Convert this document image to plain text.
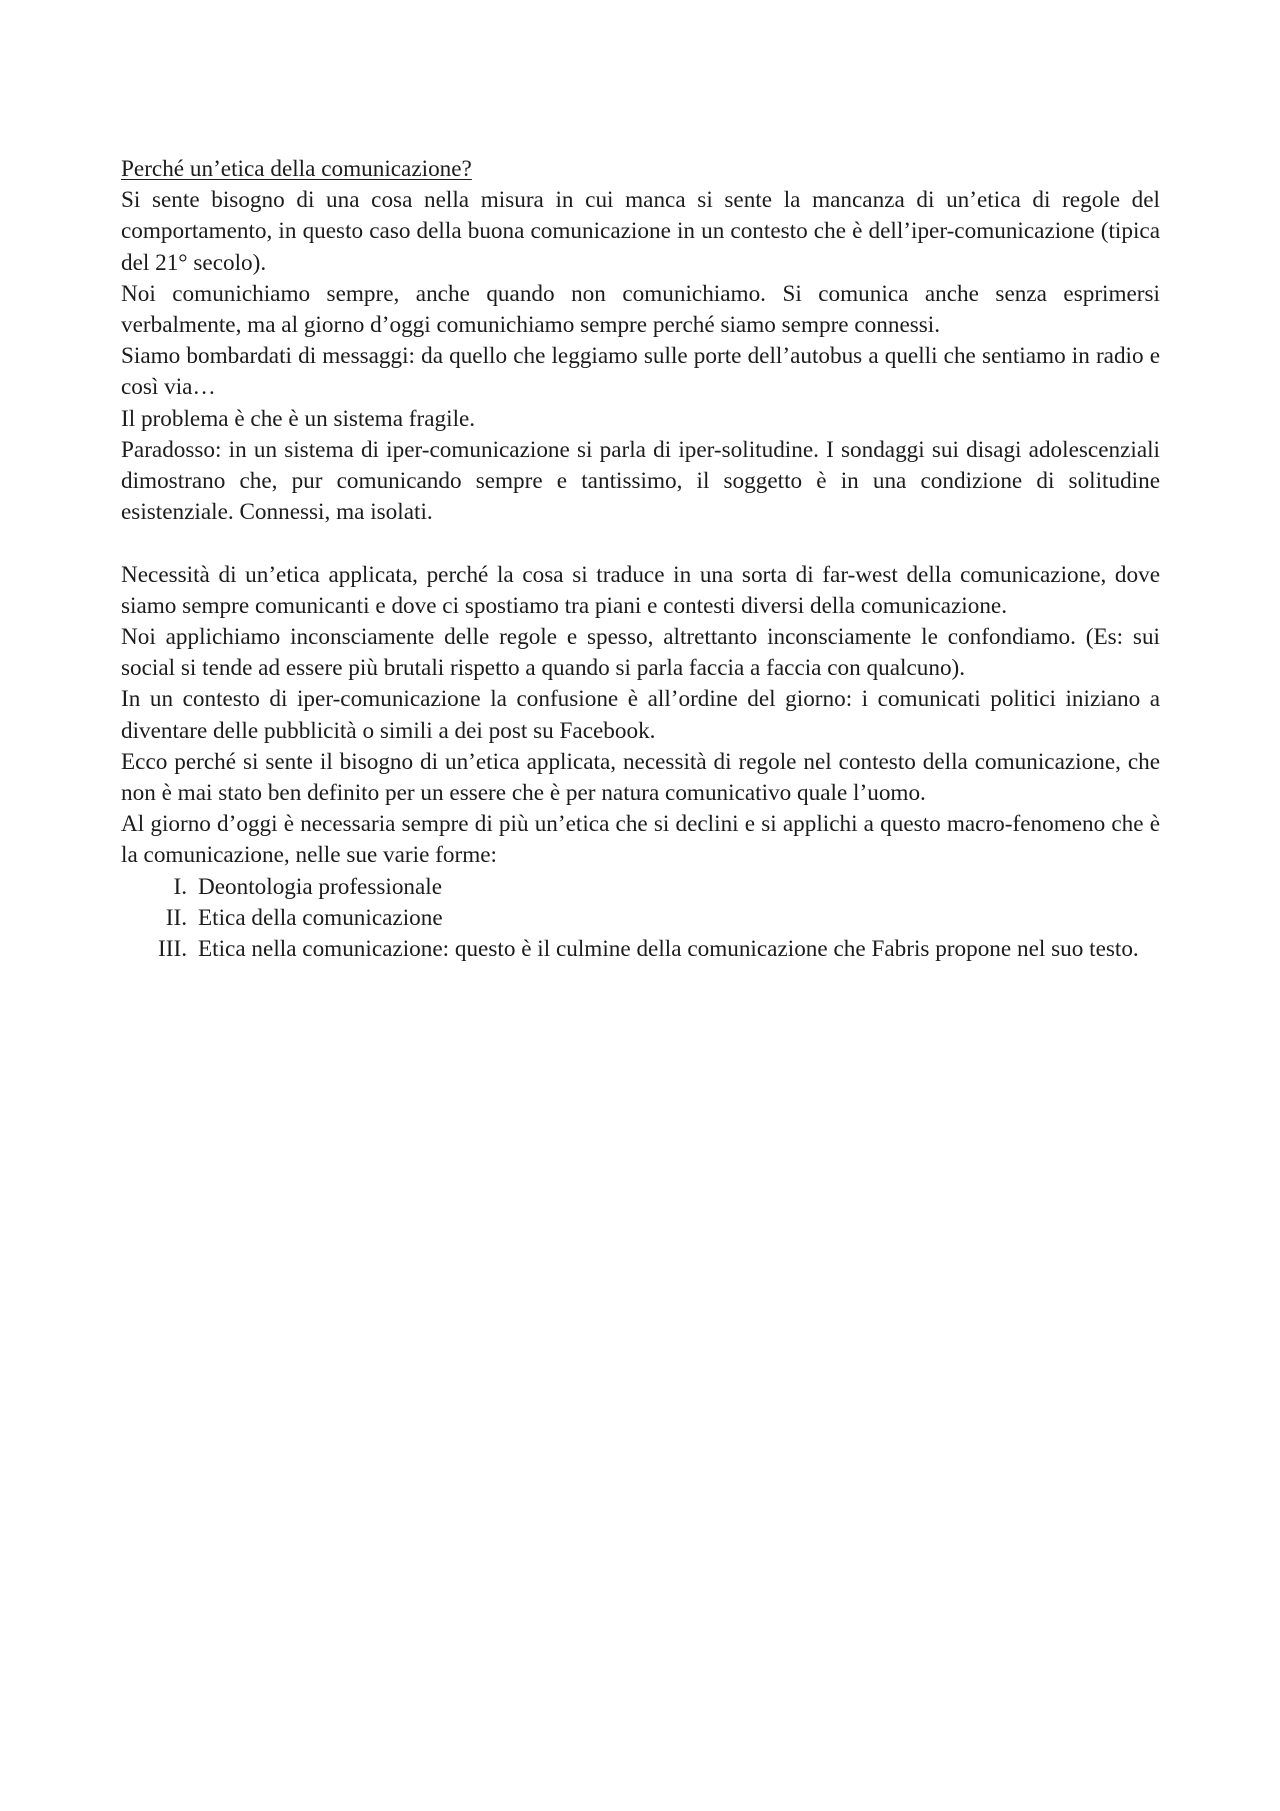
Perché un’etica della comunicazione?

Si sente bisogno di una cosa nella misura in cui manca si sente la mancanza di un’etica di regole del comportamento, in questo caso della buona comunicazione in un contesto che è dell’iper-comunicazione (tipica del 21° secolo).

Noi comunichiamo sempre, anche quando non comunichiamo. Si comunica anche senza esprimersi verbalmente, ma al giorno d’oggi comunichiamo sempre perché siamo sempre connessi.

Siamo bombardati di messaggi: da quello che leggiamo sulle porte dell’autobus a quelli che sentiamo in radio e così via…

Il problema è che è un sistema fragile.

Paradosso: in un sistema di iper-comunicazione si parla di iper-solitudine. I sondaggi sui disagi adolescenziali dimostrano che, pur comunicando sempre e tantissimo, il soggetto è in una condizione di solitudine esistenziale. Connessi, ma isolati.

Necessità di un’etica applicata, perché la cosa si traduce in una sorta di far-west della comunicazione, dove siamo sempre comunicanti e dove ci spostiamo tra piani e contesti diversi della comunicazione.

Noi applichiamo inconsciamente delle regole e spesso, altrettanto inconsciamente le confondiamo. (Es: sui social si tende ad essere più brutali rispetto a quando si parla faccia a faccia con qualcuno).

In un contesto di iper-comunicazione la confusione è all’ordine del giorno: i comunicati politici iniziano a diventare delle pubblicità o simili a dei post su Facebook.

Ecco perché si sente il bisogno di un’etica applicata, necessità di regole nel contesto della comunicazione, che non è mai stato ben definito per un essere che è per natura comunicativo quale l’uomo.

Al giorno d’oggi è necessaria sempre di più un’etica che si declini e si applichi a questo macro-fenomeno che è la comunicazione, nelle sue varie forme:

I. Deontologia professionale
II. Etica della comunicazione
III. Etica nella comunicazione: questo è il culmine della comunicazione che Fabris propone nel suo testo.
